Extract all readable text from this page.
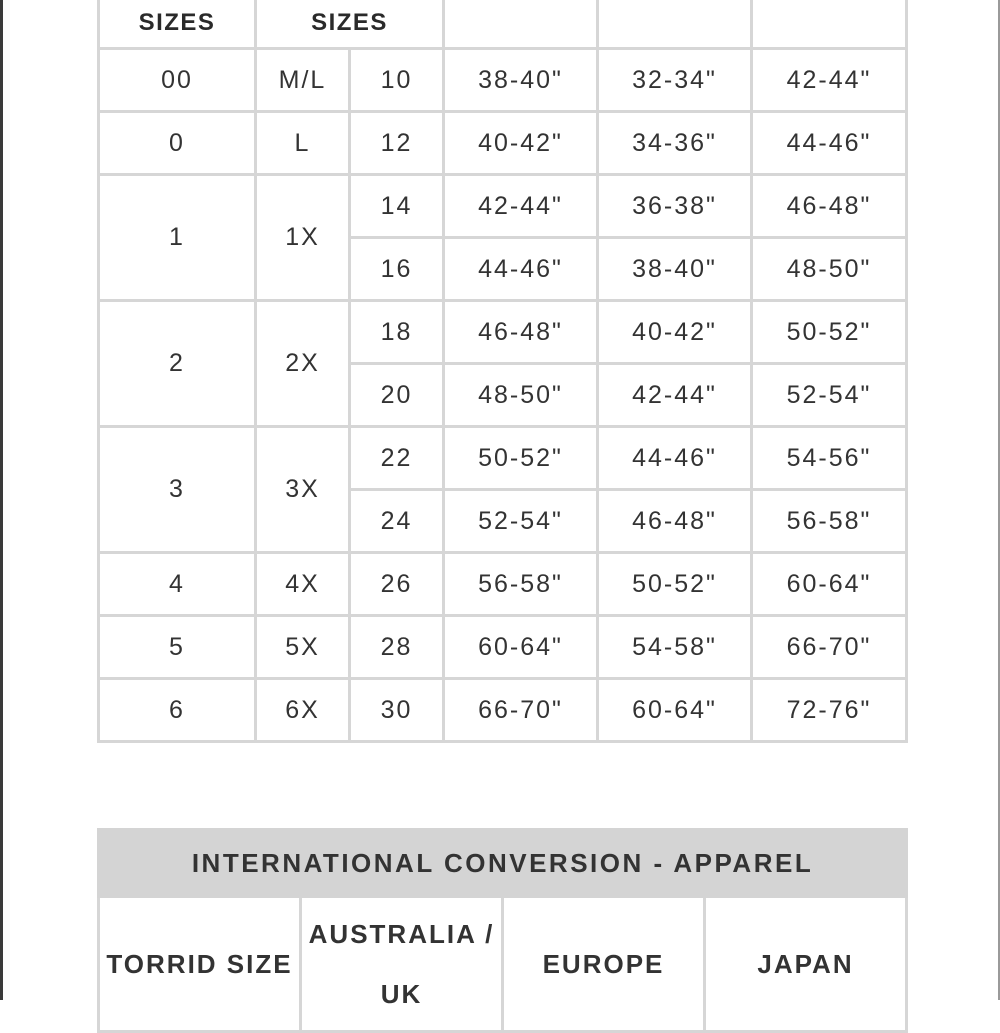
SIZES	SIZES				
00	M/L	10	38-40"	32-34"	42-44"
0	L	12	40-42"	34-36"	44-46"
1	1X	14	42-44"	36-38"	46-48"
		16	44-46"	38-40"	48-50"
2	2X	18	46-48"	40-42"	50-52"
		20	48-50"	42-44"	52-54"
3	3X	22	50-52"	44-46"	54-56"
		24	52-54"	46-48"	56-58"
4	4X	26	56-58"	50-52"	60-64"
5	5X	28	60-64"	54-58"	66-70"
6	6X	30	66-70"	60-64"	72-76"
INTERNATIONAL CONVERSION - APPAREL
TORRID SIZE	AUSTRALIA / UK	EUROPE	JAPAN
